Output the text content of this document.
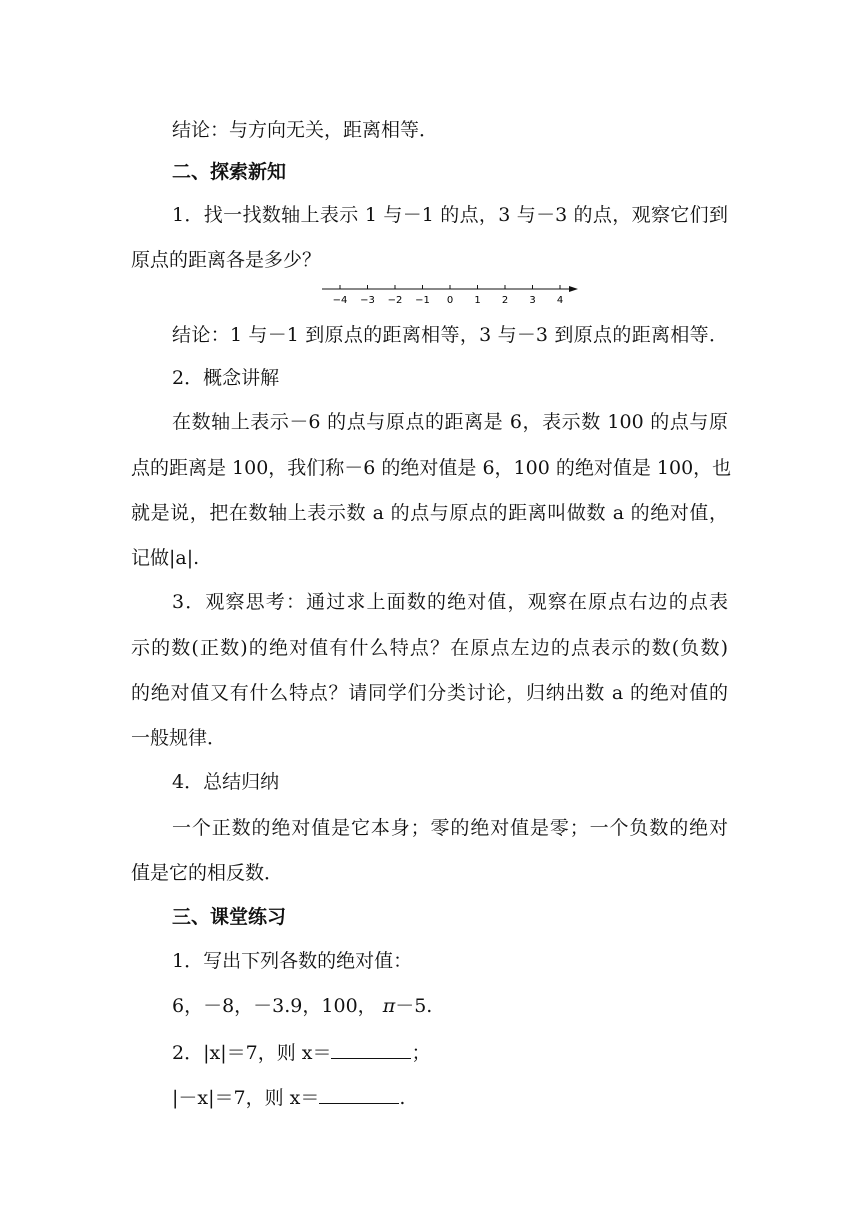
结论：与方向无关，距离相等．
二、探索新知
1．找一找数轴上表示 1 与－1 的点，3 与－3 的点，观察它们到
原点的距离各是多少？
−4 −3 −2 −1 0 1 2 3 4
结论：1 与－1 到原点的距离相等，3 与－3 到原点的距离相等．
2．概念讲解
在数轴上表示－6 的点与原点的距离是 6，表示数 100 的点与原
点的距离是 100，我们称－6 的绝对值是 6，100 的绝对值是 100，也
就是说，把在数轴上表示数 a 的点与原点的距离叫做数 a 的绝对值，
记做|a|.
3．观察思考：通过求上面数的绝对值，观察在原点右边的点表
示的数(正数)的绝对值有什么特点？在原点左边的点表示的数(负数)
的绝对值又有什么特点？请同学们分类讨论，归纳出数 a 的绝对值的
一般规律．
4．总结归纳
一个正数的绝对值是它本身；零的绝对值是零；一个负数的绝对
值是它的相反数．
三、课堂练习
1．写出下列各数的绝对值：
6，－8，－3.9，100， π－5.
2．|x|＝7，则 x＝	；
|－x|＝7，则 x＝	.
